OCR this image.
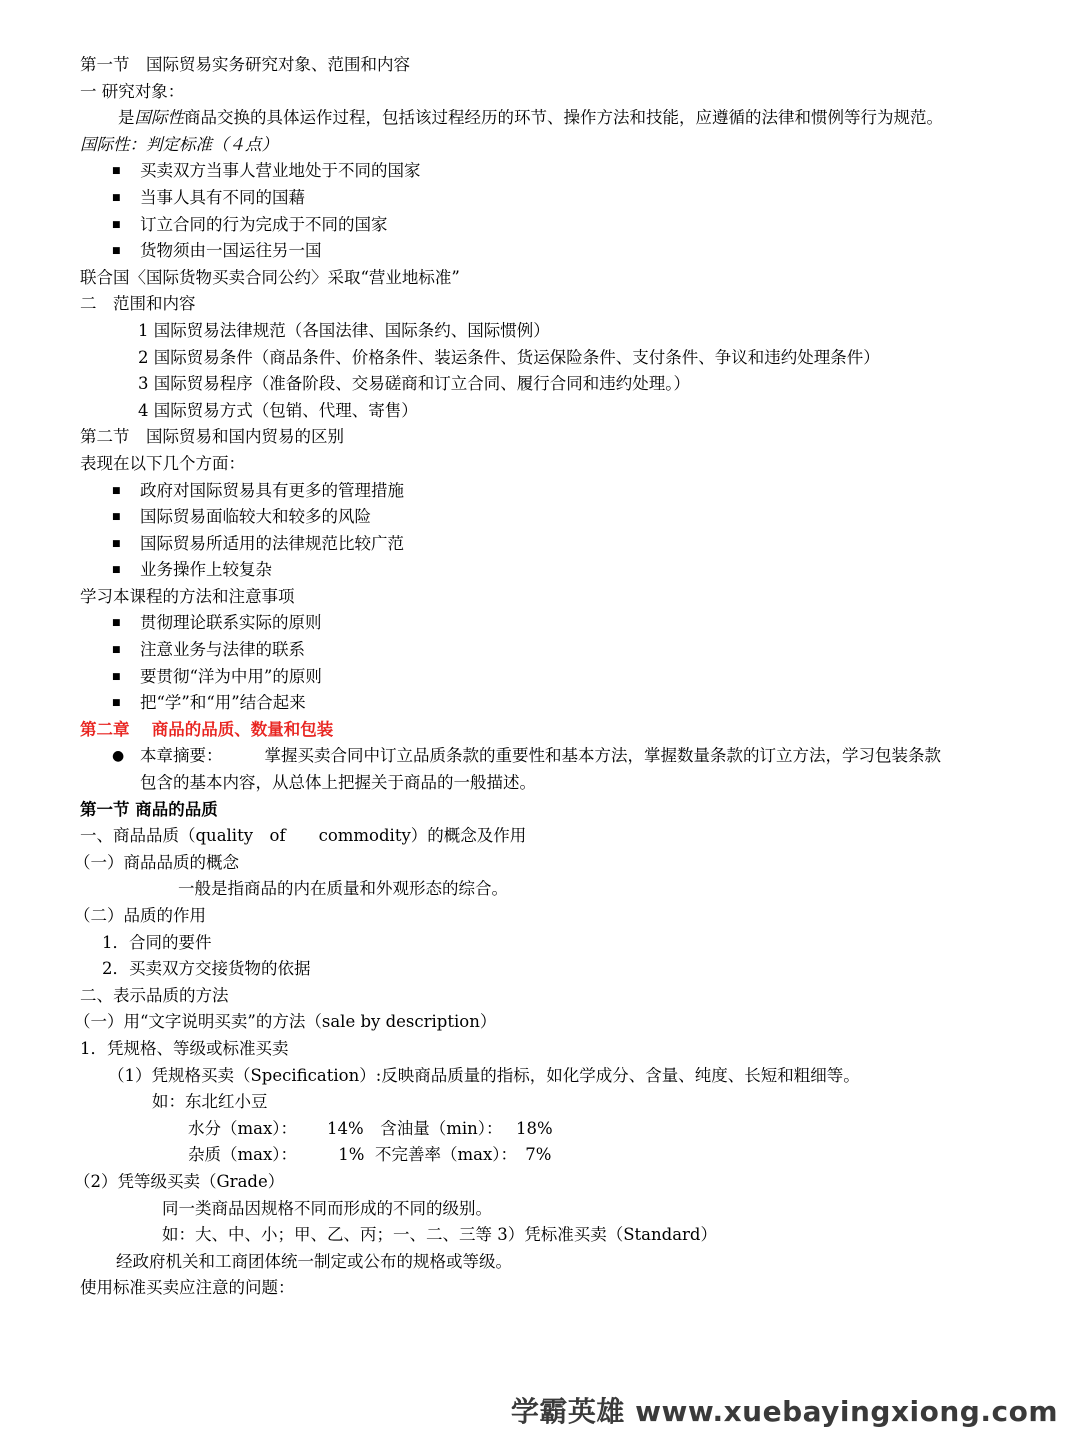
第一节　国际贸易实务研究对象、范围和内容
一 研究对象：
是国际性商品交换的具体运作过程，包括该过程经历的环节、操作方法和技能，应遵循的法律和惯例等行为规范。
国际性：判定标准（４点）
■	买卖双方当事人营业地处于不同的国家
■	当事人具有不同的国藉
■	订立合同的行为完成于不同的国家
■	货物须由一国运往另一国
联合国〈国际货物买卖合同公约〉采取“营业地标准”
二　范围和内容
1 国际贸易法律规范（各国法律、国际条约、国际惯例）
2 国际贸易条件（商品条件、价格条件、装运条件、货运保险条件、支付条件、争议和违约处理条件）
3 国际贸易程序（准备阶段、交易磋商和订立合同、履行合同和违约处理。）
4 国际贸易方式（包销、代理、寄售）
第二节　国际贸易和国内贸易的区别
表现在以下几个方面：
■	政府对国际贸易具有更多的管理措施
■	国际贸易面临较大和较多的风险
■	国际贸易所适用的法律规范比较广范
■	业务操作上较复杂
学习本课程的方法和注意事项
■	贯彻理论联系实际的原则
■	注意业务与法律的联系
■	要贯彻“洋为中用”的原则
■	把“学”和“用”结合起来
第二章　 商品的品质、数量和包装
● 本章摘要：	掌握买卖合同中订立品质条款的重要性和基本方法，掌握数量条款的订立方法，学习包装条款
包含的基本内容，从总体上把握关于商品的一般描述。
第一节 商品的品质
一、商品品质（quality　of　　commodity）的概念及作用
（一）商品品质的概念
一般是指商品的内在质量和外观形态的综合。
（二）品质的作用
1．合同的要件
2．买卖双方交接货物的依据
二、表示品质的方法
（一）用“文字说明买卖”的方法（sale by description）
1．凭规格、等级或标准买卖
（1）凭规格买卖（Specification）:反映商品质量的指标，如化学成分、含量、纯度、长短和粗细等。
如：东北红小豆
水分（max）：　　 14%　含油量（min）：　 18%
杂质（max）：　　　1%  不完善率（max）：　7%
（2）凭等级买卖（Grade）
同一类商品因规格不同而形成的不同的级别。
如：大、中、小；甲、乙、丙；一、二、三等 3）凭标准买卖（Standard）
经政府机关和工商团体统一制定或公布的规格或等级。
使用标准买卖应注意的问题：
学霸英雄 www.xuebayingxiong.com
